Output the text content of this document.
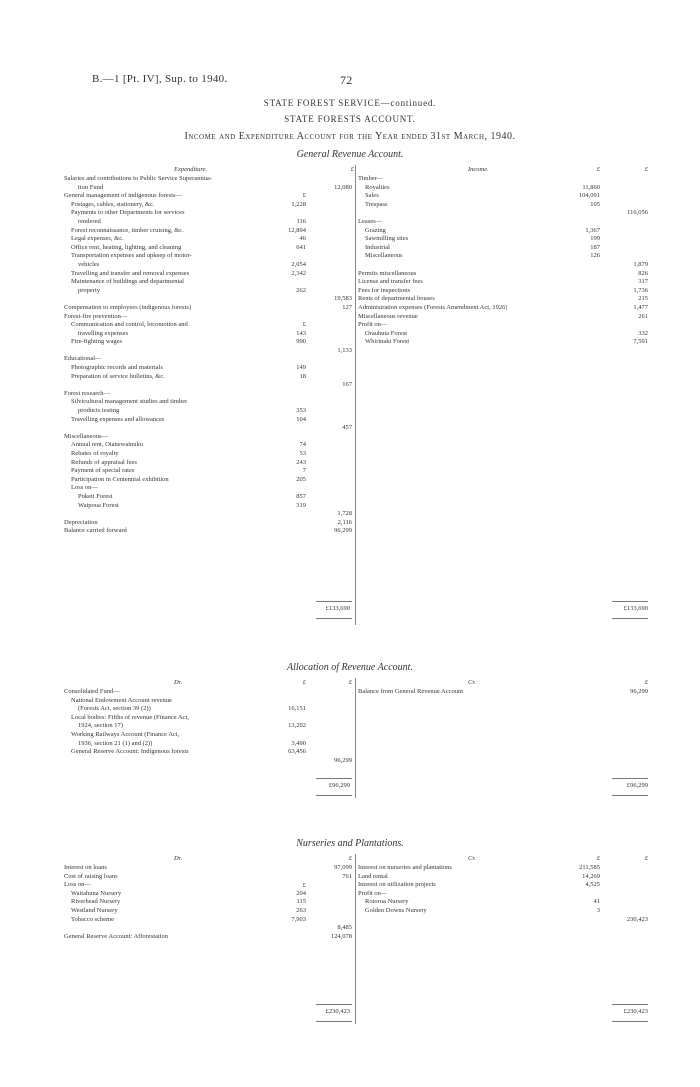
B.—1 [Pt. IV], Sup. to 1940.	72
STATE FOREST SERVICE—continued.
STATE FORESTS ACCOUNT.
Income and Expenditure Account for the Year ended 31st March, 1940.
General Revenue Account.
Expenditure.	£	Income.	£	£
Salaries and contributions to Public Service Superannua-
tion Fund	12,080
General management of indigenous forests—	£
Postages, cables, stationery, &c.	1,228
Payments to other Departments for services
rendered	116
Forest reconnaissance, timber cruising, &c.	12,894
Legal expenses, &c.	46
Office rent, heating, lighting, and cleaning	641
Transportation expenses and upkeep of motor-
vehicles	2,054
Travelling and transfer and removal expenses	2,342
Maintenance of buildings and departmental
property	262
19,583
Compensation to employees (indigenous forests)	127
Forest-fire prevention—
Communication and control, locomotion and	£
travelling expenses	143
Fire-fighting wages	990
1,133
Educational—
Photographic records and materials	149
Preparation of service bulletins, &c.	18
167
Forest research—
Silvicultural management studies and timber
products testing	353
Travelling expenses and allowances	104
457
Miscellaneous—
Annual rent, Otanewainuku	74
Rebates of royalty	53
Refunds of appraisal fees	243
Payment of special rates	7
Participation in Centennial exhibition	205
Loss on—
Puketi Forest	857
Waipoua Forest	319
1,728
Depreciation	2,116
Balance carried forward	96,299
Timber—
Royalties	11,860
Sales	104,091
Trespass	105
116,056
Leases—
Grazing	1,367
Sawmilling sites	199
Industrial	187
Miscellaneous	126
1,879
Permits miscellaneous	826
License and transfer fees	317
Fees for inspections	1,736
Rents of departmental houses	215
Administration expenses (Forests Amendment Act, 1926)	1,477
Miscellaneous revenue	261
Profit on—
Orauhuta Forest	332
Whirinaki Forest	7,591
£133,690	£133,690
Allocation of Revenue Account.
Dr.	£	£	Cr.	£
Consolidated Fund—
National Endowment Account revenue
(Forests Act, section 39 (2))	16,151
Local bodies: Fifths of revenue (Finance Act,
1924, section 17)	13,202
Working Railways Account (Finance Act,
1936, section 21 (1) and (2))	3,490
General Reserve Account: Indigenous forests	63,456
96,299
Balance from General Revenue Account	96,299
£96,299	£96,299
Nurseries and Plantations.
Dr.	£	Cr.	£	£
Interest on loans	97,099
Cost of raising loans	761
Loss on—
Waitahuna Nursery	204
Riverhead Nursery	115
Westland Nursery	263
Tobacco scheme	7,903
8,485
General Reserve Account: Afforestation	124,078
£
Interest on nurseries and plantations	211,585
Land rental	14,269
Interest on utilization projects	4,525
Profit on—
Rotorua Nursery	41
Golden Downs Nursery	3
230,423
£230,423	£230,423
